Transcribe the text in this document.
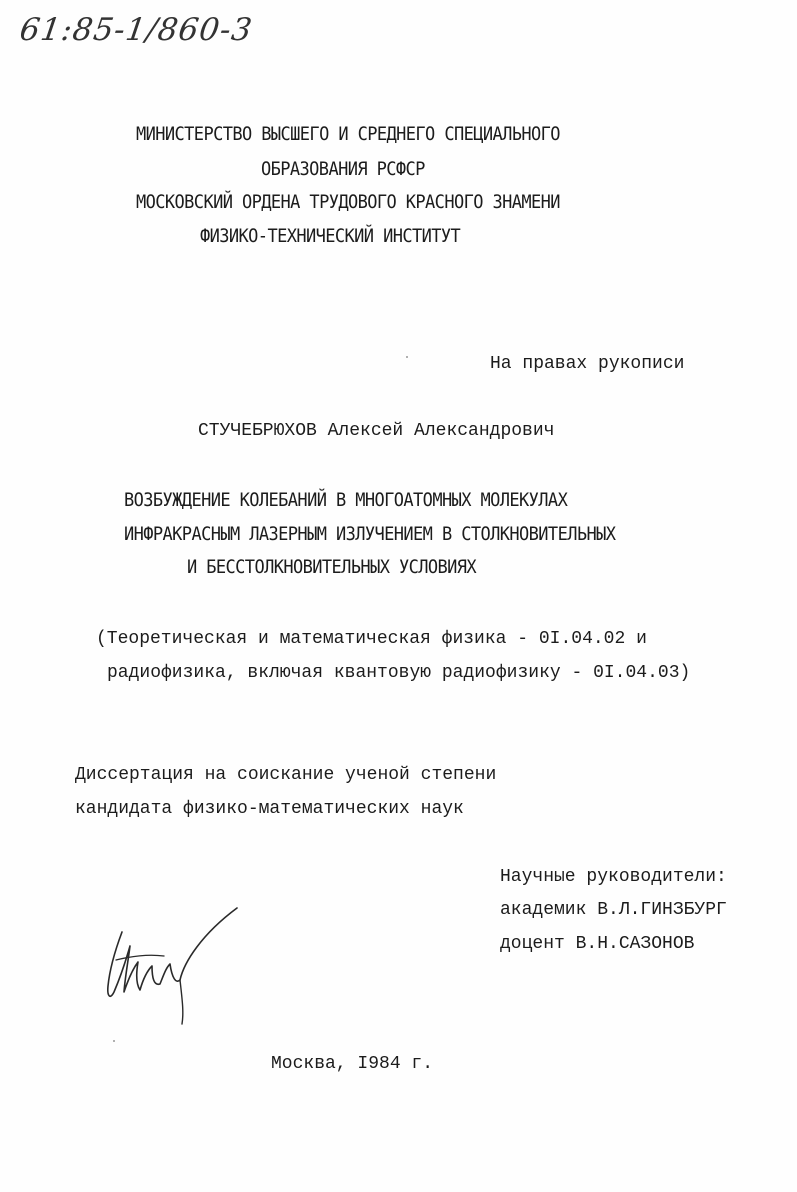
61:85-1/860-3
МИНИСТЕРСТВО ВЫСШЕГО И СРЕДНЕГО СПЕЦИАЛЬНОГО
ОБРАЗОВАНИЯ РСФСР
МОСКОВСКИЙ ОРДЕНА ТРУДОВОГО КРАСНОГО ЗНАМЕНИ
ФИЗИКО-ТЕХНИЧЕСКИЙ ИНСТИТУТ
На правах рукописи
СТУЧЕБРЮХОВ Алексей Александрович
ВОЗБУЖДЕНИЕ КОЛЕБАНИЙ В МНОГОАТОМНЫХ МОЛЕКУЛАХ
ИНФРАКРАСНЫМ ЛАЗЕРНЫМ ИЗЛУЧЕНИЕМ В СТОЛКНОВИТЕЛЬНЫХ
И БЕССТОЛКНОВИТЕЛЬНЫХ УСЛОВИЯХ
(Теоретическая и математическая физика - 0I.04.02 и
радиофизика, включая квантовую радиофизику - 0I.04.03)
Диссертация на соискание ученой степени
кандидата физико-математических наук
Научные руководители:
академик В.Л.ГИНЗБУРГ
доцент В.Н.САЗОНОВ
Москва, I984 г.
